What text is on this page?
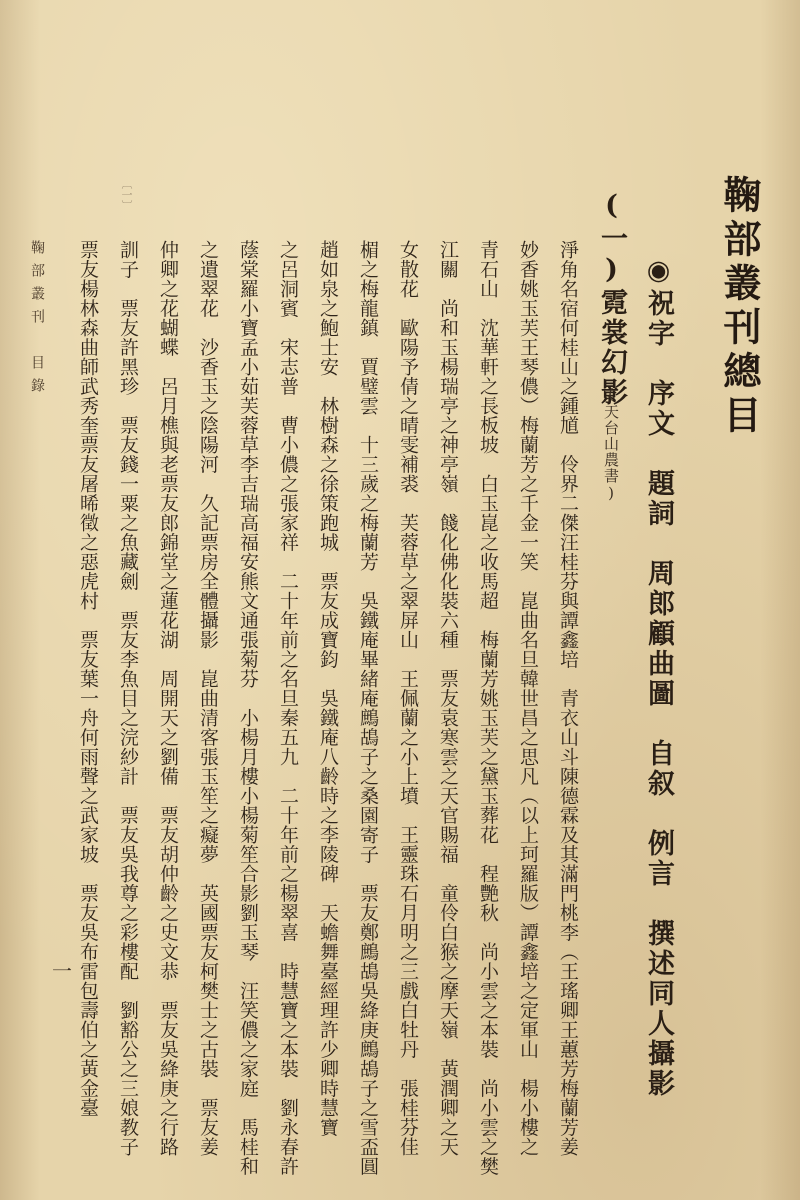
鞠部叢刊總目
◉祝字　序文　題詞　周郎顧曲圖　自叙　例言　撰述同人攝影
(一)霓裳幻影
(天台山農書)
淨角名宿何桂山之鍾馗　伶界二傑汪桂芬與譚鑫培　青衣山斗陳德霖及其滿門桃李（王瑤卿王蕙芳梅蘭芳姜
妙香姚玉芙王琴儂）梅蘭芳之千金一笑　崑曲名旦韓世昌之思凡（以上珂羅版）譚鑫培之定軍山　楊小樓之
青石山　沈華軒之長板坡　白玉崑之收馬超　梅蘭芳姚玉芙之黛玉葬花　程艷秋　尚小雲之本裝　尚小雲之樊
江關　尚和玉楊瑞亭之神亭嶺　餞化佛化裝六種　票友袁寒雲之天官賜福　童伶白猴之摩天嶺　黃潤卿之天
女散花　歐陽予倩之晴雯補裘　芙蓉草之翠屏山　王佩蘭之小上墳　王靈珠石月明之三戲白牡丹　張桂芬佳
楣之梅龍鎮　賈璧雲　十三歲之梅蘭芳　吳鐵庵畢緒庵鷓鴣子之桑園寄子　票友鄭鷓鴣吳絳庚鷓鴣子之雪盃圓
趙如泉之鮑士安　林樹森之徐策跑城　票友成寶鈞　吳鐵庵八齡時之李陵碑　天蟾舞臺經理許少卿時慧寶
之呂洞賓　宋志普　曹小儂之張家祥　二十年前之名旦秦五九　二十年前之楊翠喜　時慧寶之本裝　劉永春許
蔭棠羅小寶孟小茹芙蓉草李吉瑞高福安熊文通張菊芬　小楊月樓小楊菊笙合影劉玉琴　汪笑儂之家庭　馬桂和
之遺翠花　沙香玉之陰陽河　久記票房全體攝影　崑曲清客張玉笙之癡夢　英國票友柯樊士之古裝　票友姜
仲卿之花蝴蝶　呂月樵與老票友郎錦堂之蓮花湖　周開天之劉備　票友胡仲齡之史文恭　票友吳絳庚之行路
訓子　票友許黑珍　票友錢一粟之魚藏劍　票友李魚目之浣紗計　票友吳我尊之彩樓配　劉豁公之三娘教子
票友楊林森曲師武秀奎票友屠晞徵之惡虎村　票友葉一舟何雨聲之武家坡　票友吳布雷包壽伯之黃金臺
鞠部叢刊　目錄
一
〔一〕
